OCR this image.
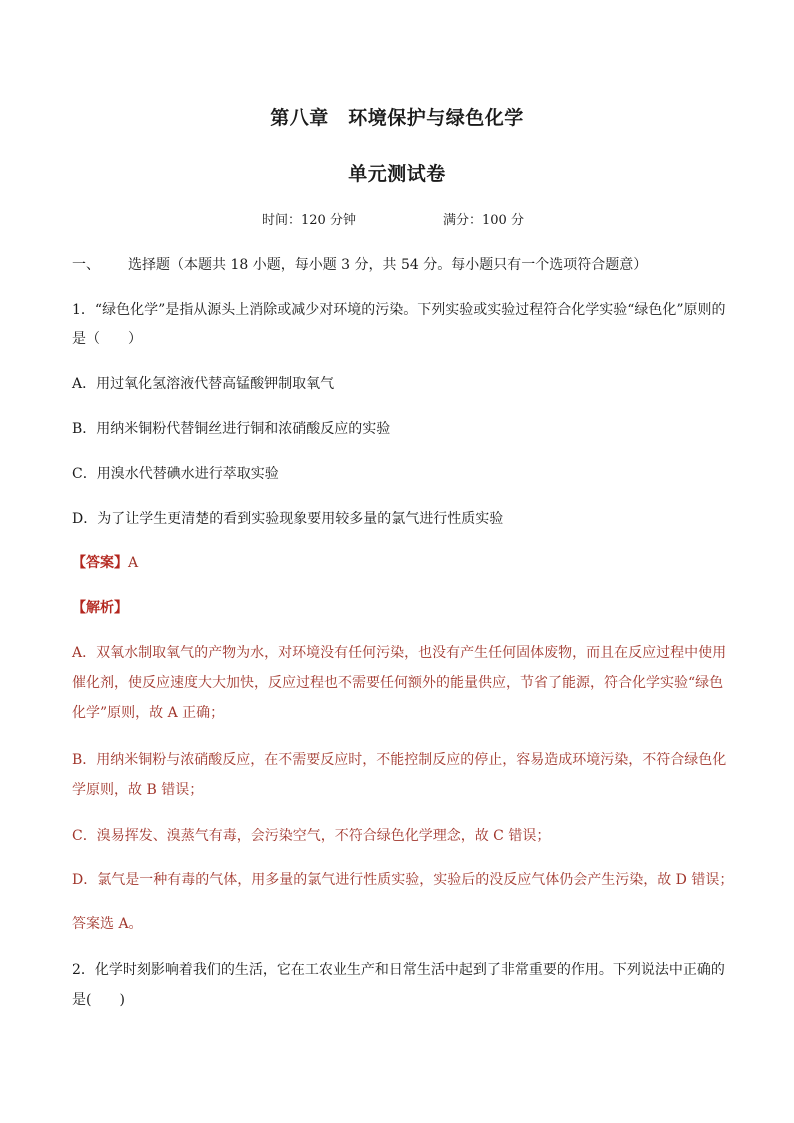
第八章　环境保护与绿色化学
单元测试卷
时间：120 分钟	满分：100 分
一、 选择题（本题共 18 小题，每小题 3 分，共 54 分。每小题只有一个选项符合题意）
1．“绿色化学”是指从源头上消除或减少对环境的污染。下列实验或实验过程符合化学实验“绿色化”原则的
是（　　）
A．用过氧化氢溶液代替高锰酸钾制取氧气
B．用纳米铜粉代替铜丝进行铜和浓硝酸反应的实验
C．用溴水代替碘水进行萃取实验
D．为了让学生更清楚的看到实验现象要用较多量的氯气进行性质实验
【答案】A
【解析】
A．双氧水制取氧气的产物为水，对环境没有任何污染，也没有产生任何固体废物，而且在反应过程中使用
催化剂，使反应速度大大加快，反应过程也不需要任何额外的能量供应，节省了能源，符合化学实验“绿色
化学”原则，故 A 正确；
B．用纳米铜粉与浓硝酸反应，在不需要反应时，不能控制反应的停止，容易造成环境污染，不符合绿色化
学原则，故 B 错误；
C．溴易挥发、溴蒸气有毒，会污染空气，不符合绿色化学理念，故 C 错误；
D．氯气是一种有毒的气体，用多量的氯气进行性质实验，实验后的没反应气体仍会产生污染，故 D 错误；
答案选 A。
2．化学时刻影响着我们的生活，它在工农业生产和日常生活中起到了非常重要的作用。下列说法中正确的
是(　　)
